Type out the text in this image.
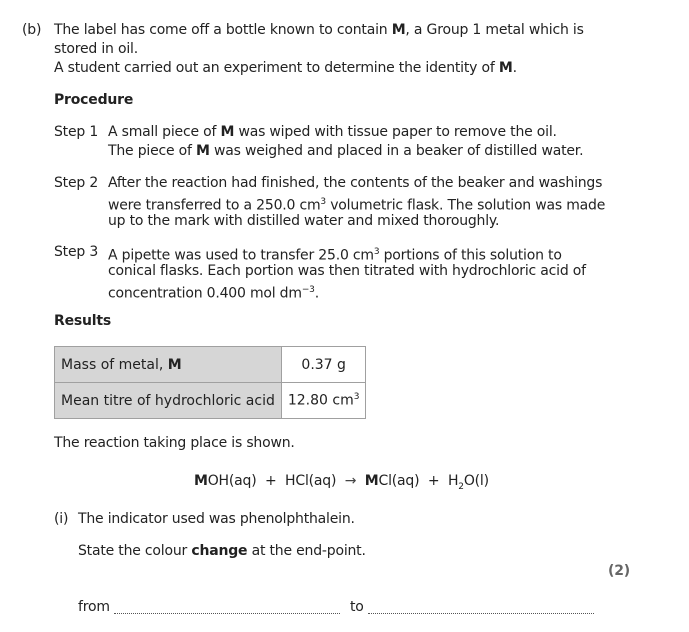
(b) The label has come off a bottle known to contain M, a Group 1 metal which is
stored in oil.
A student carried out an experiment to determine the identity of M.
Procedure
Step 1 A small piece of M was wiped with tissue paper to remove the oil.
The piece of M was weighed and placed in a beaker of distilled water.
Step 2 After the reaction had finished, the contents of the beaker and washings
were transferred to a 250.0 $cm^3$ volumetric flask. The solution was made
up to the mark with distilled water and mixed thoroughly.
Step 3 A pipette was used to transfer 25.0 $cm^3$ portions of this solution to
conical flasks. Each portion was then titrated with hydrochloric acid of
concentration 0.400 mol $dm^{-3}$.
Results
Mass of metal, M	0.37 g
Mean titre of hydrochloric acid	12.80 $cm^3$
The reaction taking place is shown.
$MOH(aq) + HCl(aq) \to MCl(aq) + H_2O(l)$
(i) The indicator used was phenolphthalein.
State the colour change at the end-point.
(2)
from	to
